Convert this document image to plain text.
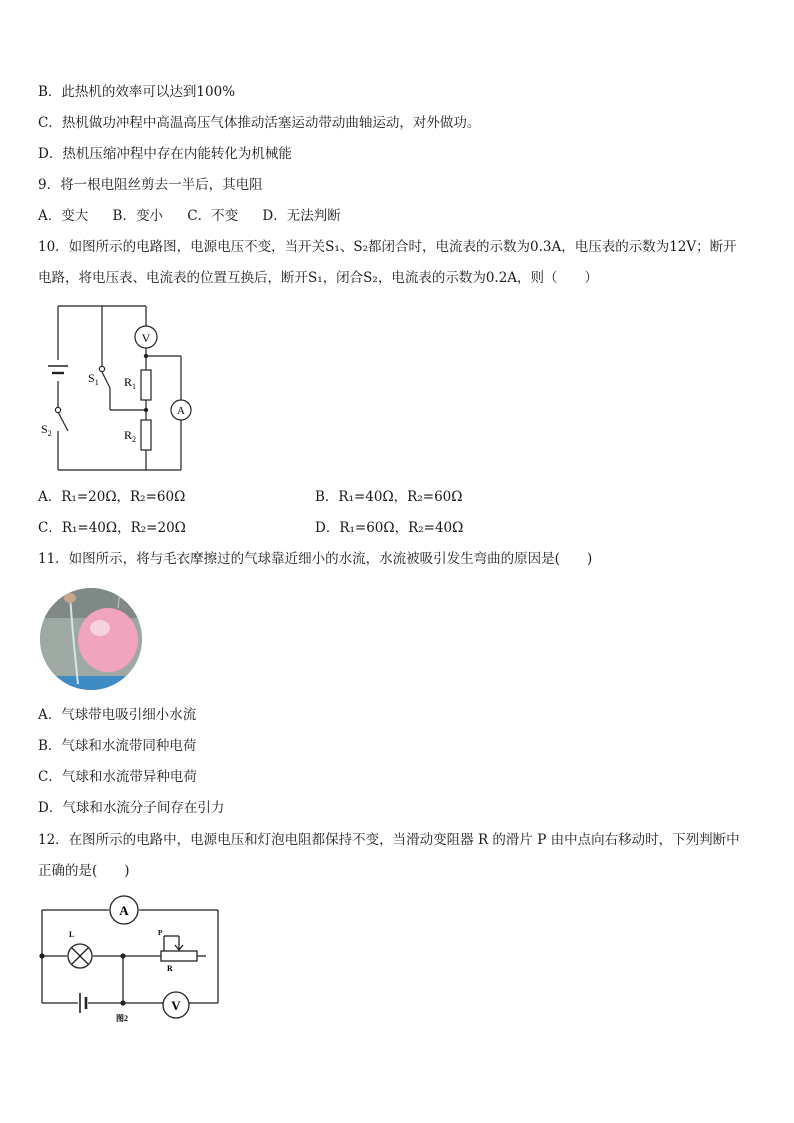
B．此热机的效率可以达到100%
C．热机做功冲程中高温高压气体推动活塞运动带动曲轴运动，对外做功。
D．热机压缩冲程中存在内能转化为机械能
9．将一根电阻丝剪去一半后，其电阻
A．变大 B．变小 C．不变 D．无法判断
10．如图所示的电路图，电源电压不变，当开关S₁、S₂都闭合时，电流表的示数为0.3A，电压表的示数为12V；断开
电路，将电压表、电流表的位置互换后，断开S₁，闭合S₂，电流表的示数为0.2A，则（　　）
V
A
$S_1$
$S_2$
$R_1$
$R_2$
A．R₁=20Ω，R₂=60Ω	B．R₁=40Ω，R₂=60Ω
C．R₁=40Ω，R₂=20Ω	D．R₁=60Ω，R₂=40Ω
11．如图所示，将与毛衣摩擦过的气球靠近细小的水流，水流被吸引发生弯曲的原因是(　　)
A．气球带电吸引细小水流
B．气球和水流带同种电荷
C．气球和水流带异种电荷
D．气球和水流分子间存在引力
12．在图所示的电路中，电源电压和灯泡电阻都保持不变，当滑动变阻器 R 的滑片 P 由中点向右移动时，下列判断中
正确的是(　　)
A
V
L	P
R
图2
